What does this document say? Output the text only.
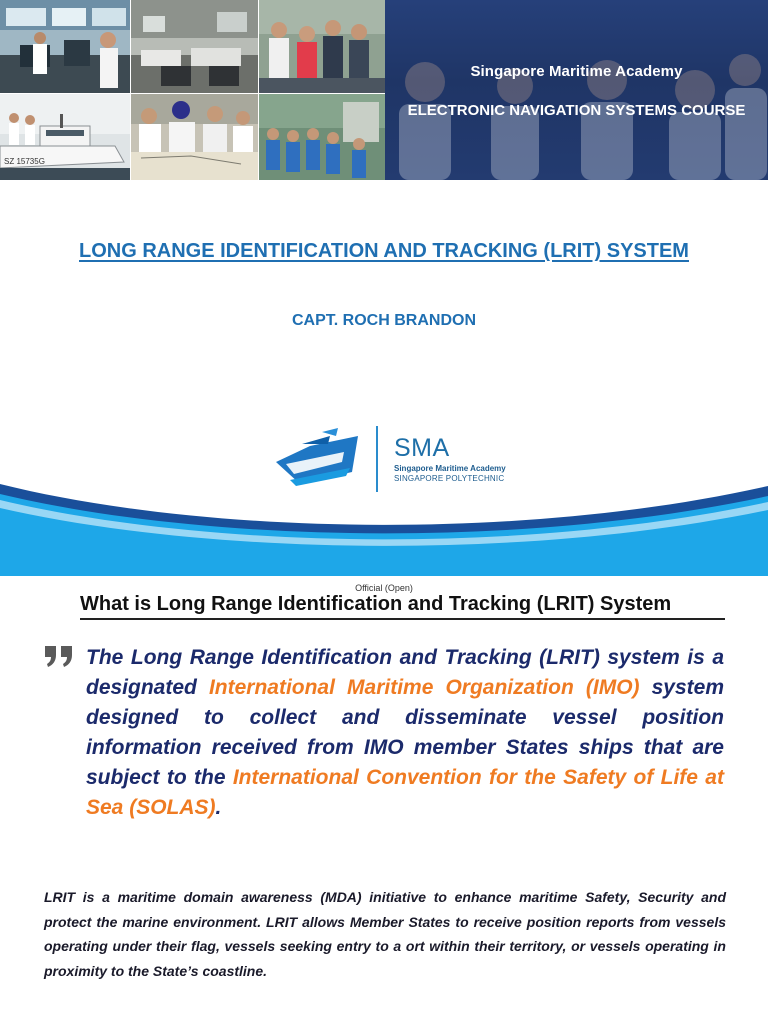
SZ 15735G
Singapore Maritime Academy
ELECTRONIC NAVIGATION SYSTEMS COURSE
LONG RANGE IDENTIFICATION AND TRACKING (LRIT) SYSTEM
CAPT. ROCH BRANDON
SMA
Singapore Maritime Academy
SINGAPORE POLYTECHNIC
Official (Open)
What is Long Range Identification and Tracking (LRIT) System
The Long Range Identification and Tracking (LRIT) system is a designated International Maritime Organization (IMO) system designed to collect and disseminate vessel position information received from IMO member States ships that are subject to the International Convention for the Safety of Life at Sea (SOLAS).
LRIT is a maritime domain awareness (MDA) initiative to enhance maritime Safety, Security and protect the marine environment. LRIT allows Member States to receive position reports from vessels operating under their flag, vessels seeking entry to a ort within their territory, or vessels operating in proximity to the State’s coastline.
